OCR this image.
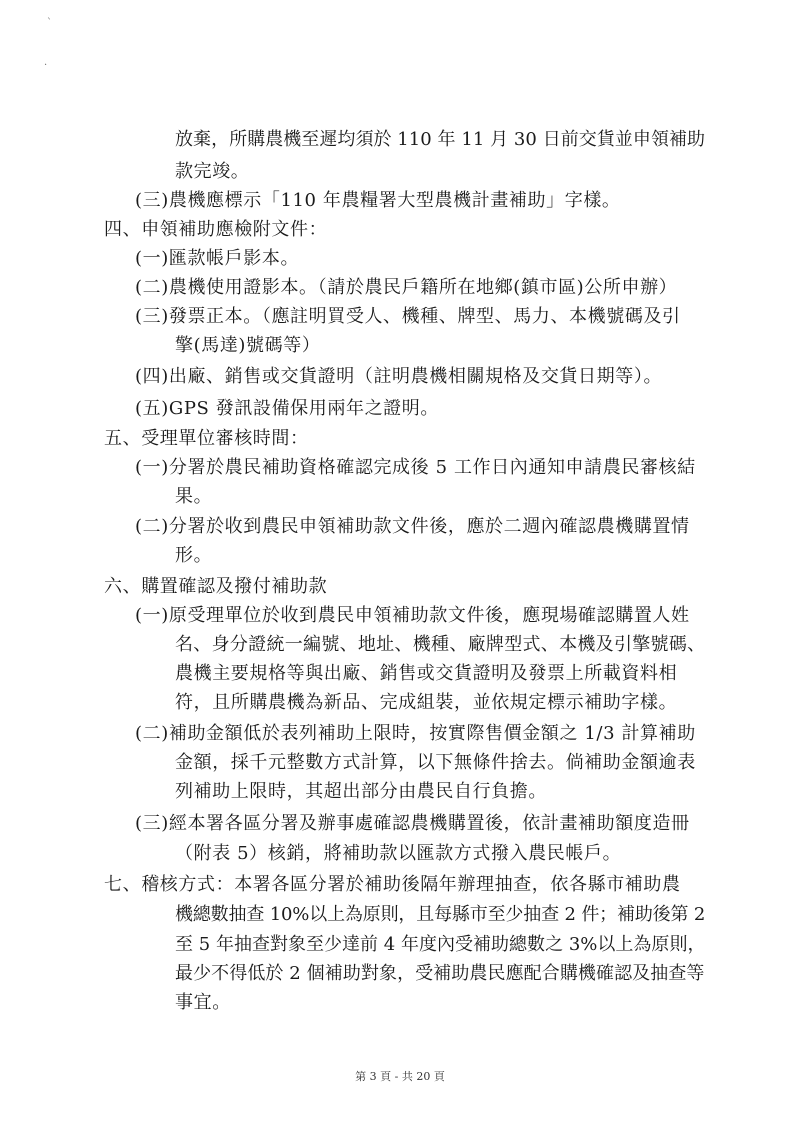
ˋ
·
放棄，所購農機至遲均須於 110 年 11 月 30 日前交貨並申領補助
款完竣。
(三)農機應標示「110 年農糧署大型農機計畫補助」字樣。
四、申領補助應檢附文件：
(一)匯款帳戶影本。
(二)農機使用證影本。（請於農民戶籍所在地鄉(鎮市區)公所申辦）
(三)發票正本。（應註明買受人、機種、牌型、馬力、本機號碼及引
擎(馬達)號碼等）
(四)出廠、銷售或交貨證明（註明農機相關規格及交貨日期等）。
(五)GPS 發訊設備保用兩年之證明。
五、受理單位審核時間：
(一)分署於農民補助資格確認完成後 5 工作日內通知申請農民審核結
果。
(二)分署於收到農民申領補助款文件後，應於二週內確認農機購置情
形。
六、購置確認及撥付補助款
(一)原受理單位於收到農民申領補助款文件後，應現場確認購置人姓
名、身分證統一編號、地址、機種、廠牌型式、本機及引擎號碼、
農機主要規格等與出廠、銷售或交貨證明及發票上所載資料相
符，且所購農機為新品、完成組裝，並依規定標示補助字樣。
(二)補助金額低於表列補助上限時，按實際售價金額之 1/3 計算補助
金額，採千元整數方式計算，以下無條件捨去。倘補助金額逾表
列補助上限時，其超出部分由農民自行負擔。
(三)經本署各區分署及辦事處確認農機購置後，依計畫補助額度造冊
（附表 5）核銷，將補助款以匯款方式撥入農民帳戶。
七、稽核方式：本署各區分署於補助後隔年辦理抽查，依各縣市補助農
機總數抽查 10%以上為原則，且每縣市至少抽查 2 件；補助後第 2
至 5 年抽查對象至少達前 4 年度內受補助總數之 3%以上為原則，
最少不得低於 2 個補助對象，受補助農民應配合購機確認及抽查等
事宜。
第 3 頁 - 共 20 頁
